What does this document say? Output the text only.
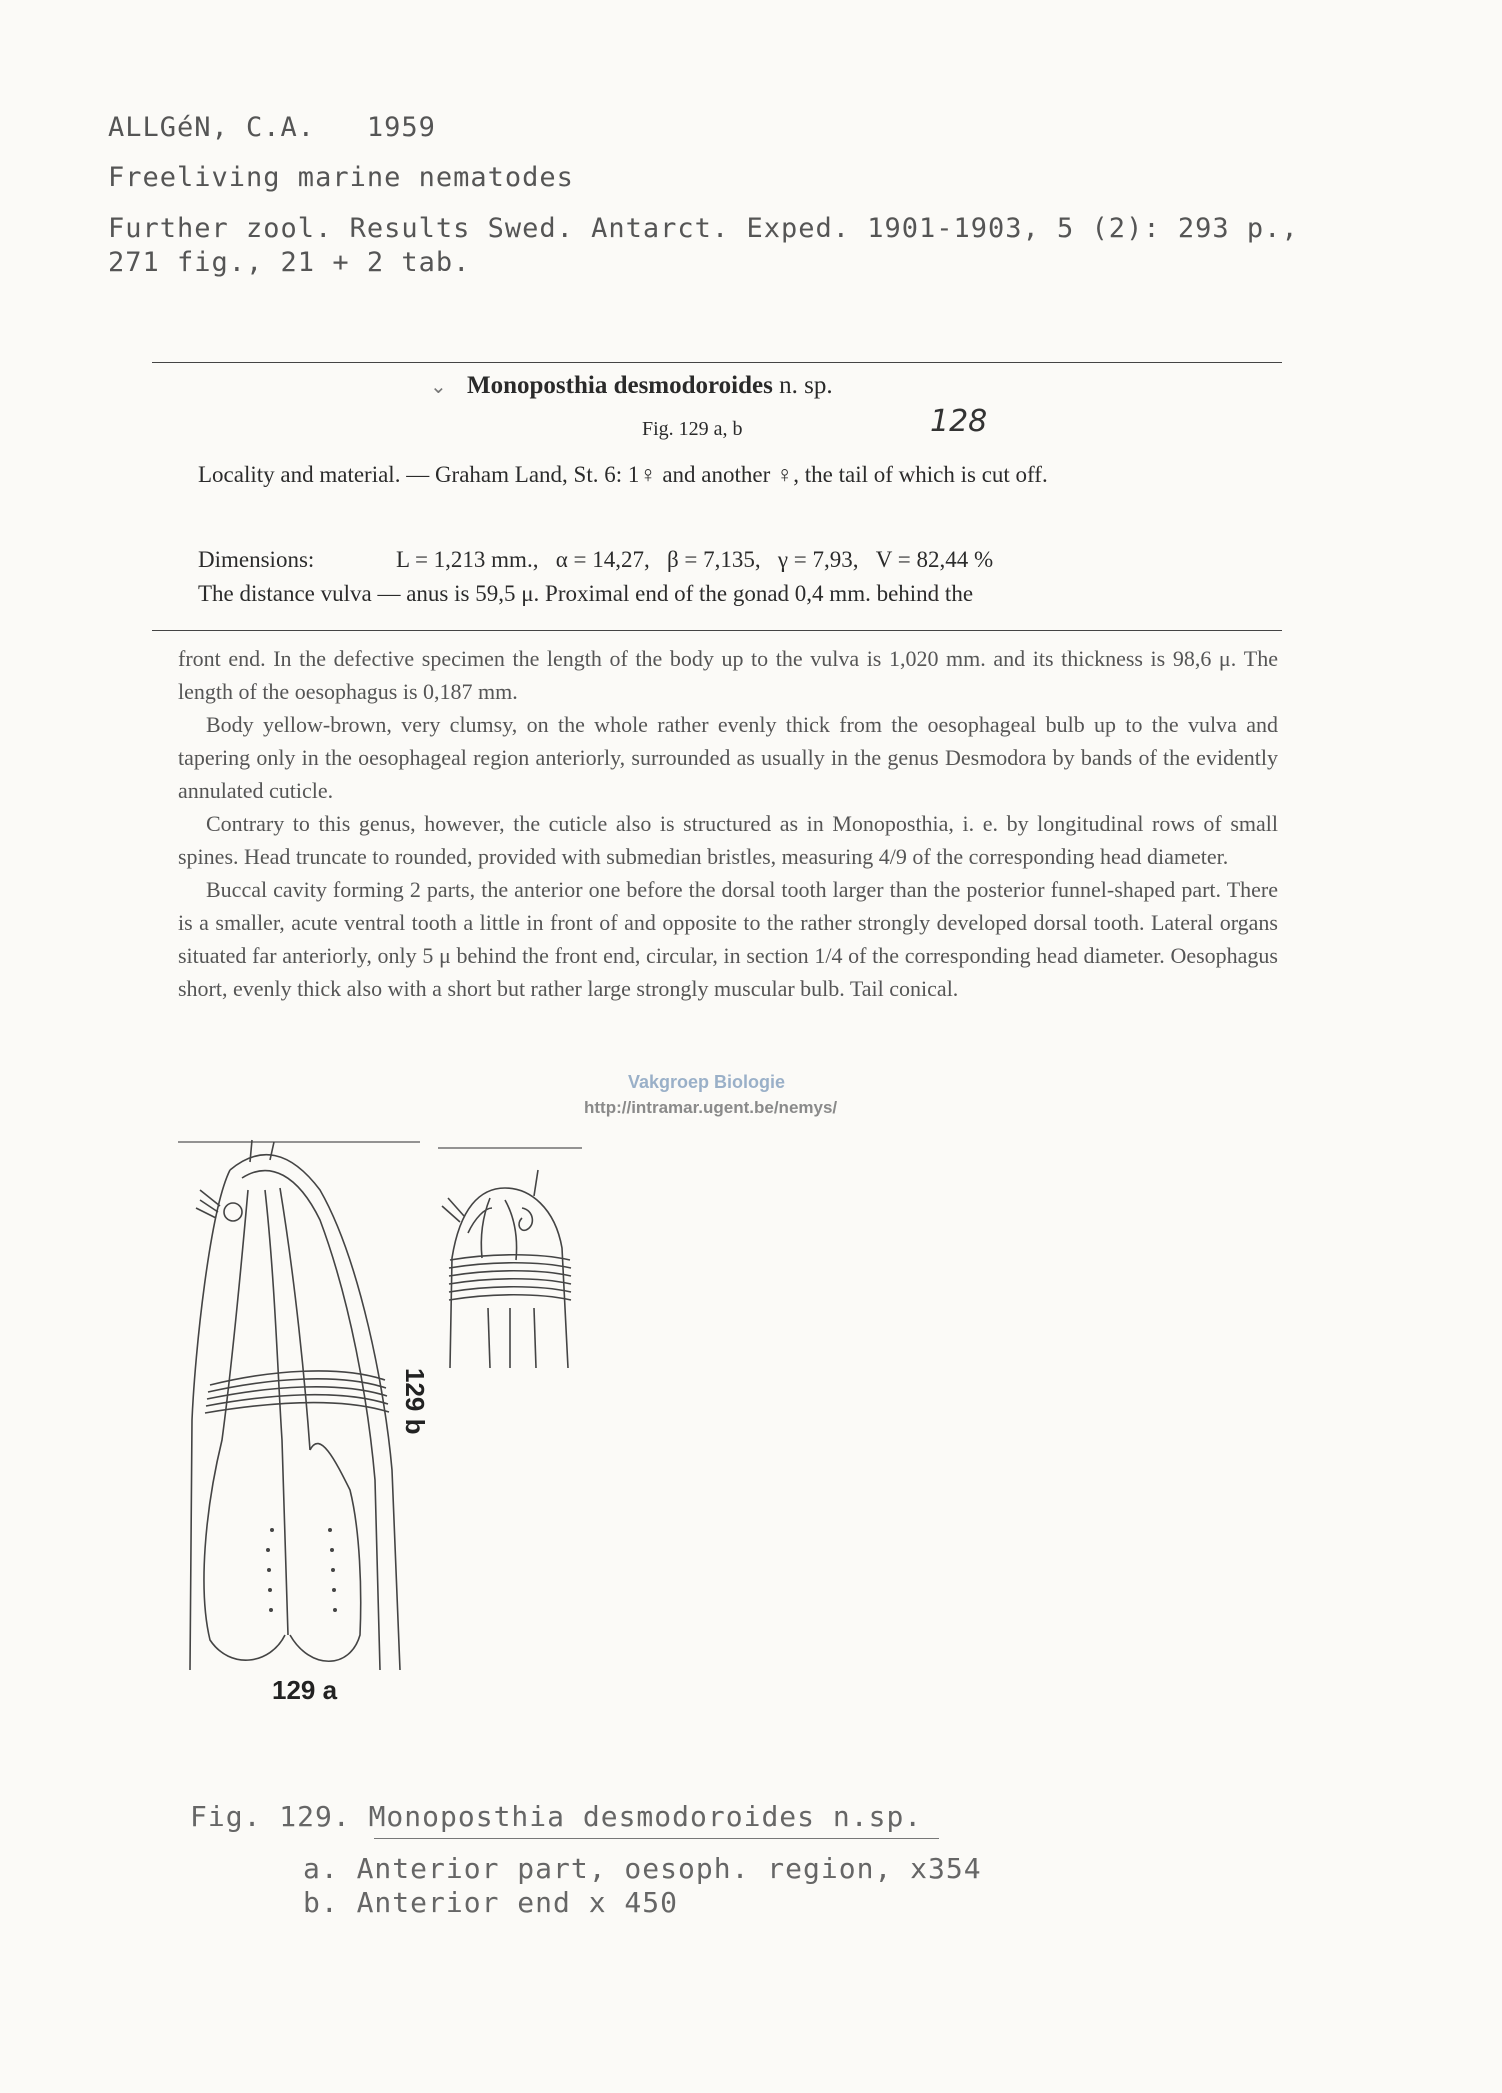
ALLGéN, C.A.   1959
Freeliving marine nematodes
Further zool. Results Swed. Antarct. Exped. 1901-1903, 5 (2): 293 p.,
271 fig., 21 + 2 tab.
⌄ Monoposthia desmodoroides n. sp.
Fig. 129 a, b	128
Locality and material. — Graham Land, St. 6: 1♀ and another ♀, the tail of which is cut off.
Dimensions:	L = 1,213 mm.,   α = 14,27,   β = 7,135,   γ = 7,93,   V = 82,44 %
The distance vulva — anus is 59,5 μ. Proximal end of the gonad 0,4 mm. behind the

front end. In the defective specimen the length of the body up to the vulva is 1,020 mm. and its thickness is 98,6 μ. The length of the oesophagus is 0,187 mm.

Body yellow-brown, very clumsy, on the whole rather evenly thick from the oesophageal bulb up to the vulva and tapering only in the oesophageal region anteriorly, surrounded as usually in the genus Desmodora by bands of the evidently annulated cuticle.

Contrary to this genus, however, the cuticle also is structured as in Monoposthia, i. e. by longitudinal rows of small spines. Head truncate to rounded, provided with submedian bristles, measuring 4/9 of the corresponding head diameter.

Buccal cavity forming 2 parts, the anterior one before the dorsal tooth larger than the posterior funnel-shaped part. There is a smaller, acute ventral tooth a little in front of and opposite to the rather strongly developed dorsal tooth. Lateral organs situated far anteriorly, only 5 μ behind the front end, circular, in section 1/4 of the corresponding head diameter. Oesophagus short, evenly thick also with a short but rather large strongly muscular bulb. Tail conical.

Vakgroep Biologie
http://intramar.ugent.be/nemys/
129 a
129 b
Fig. 129. Monoposthia desmodoroides n.sp.
a. Anterior part, oesoph. region, x354
b. Anterior end x 450
